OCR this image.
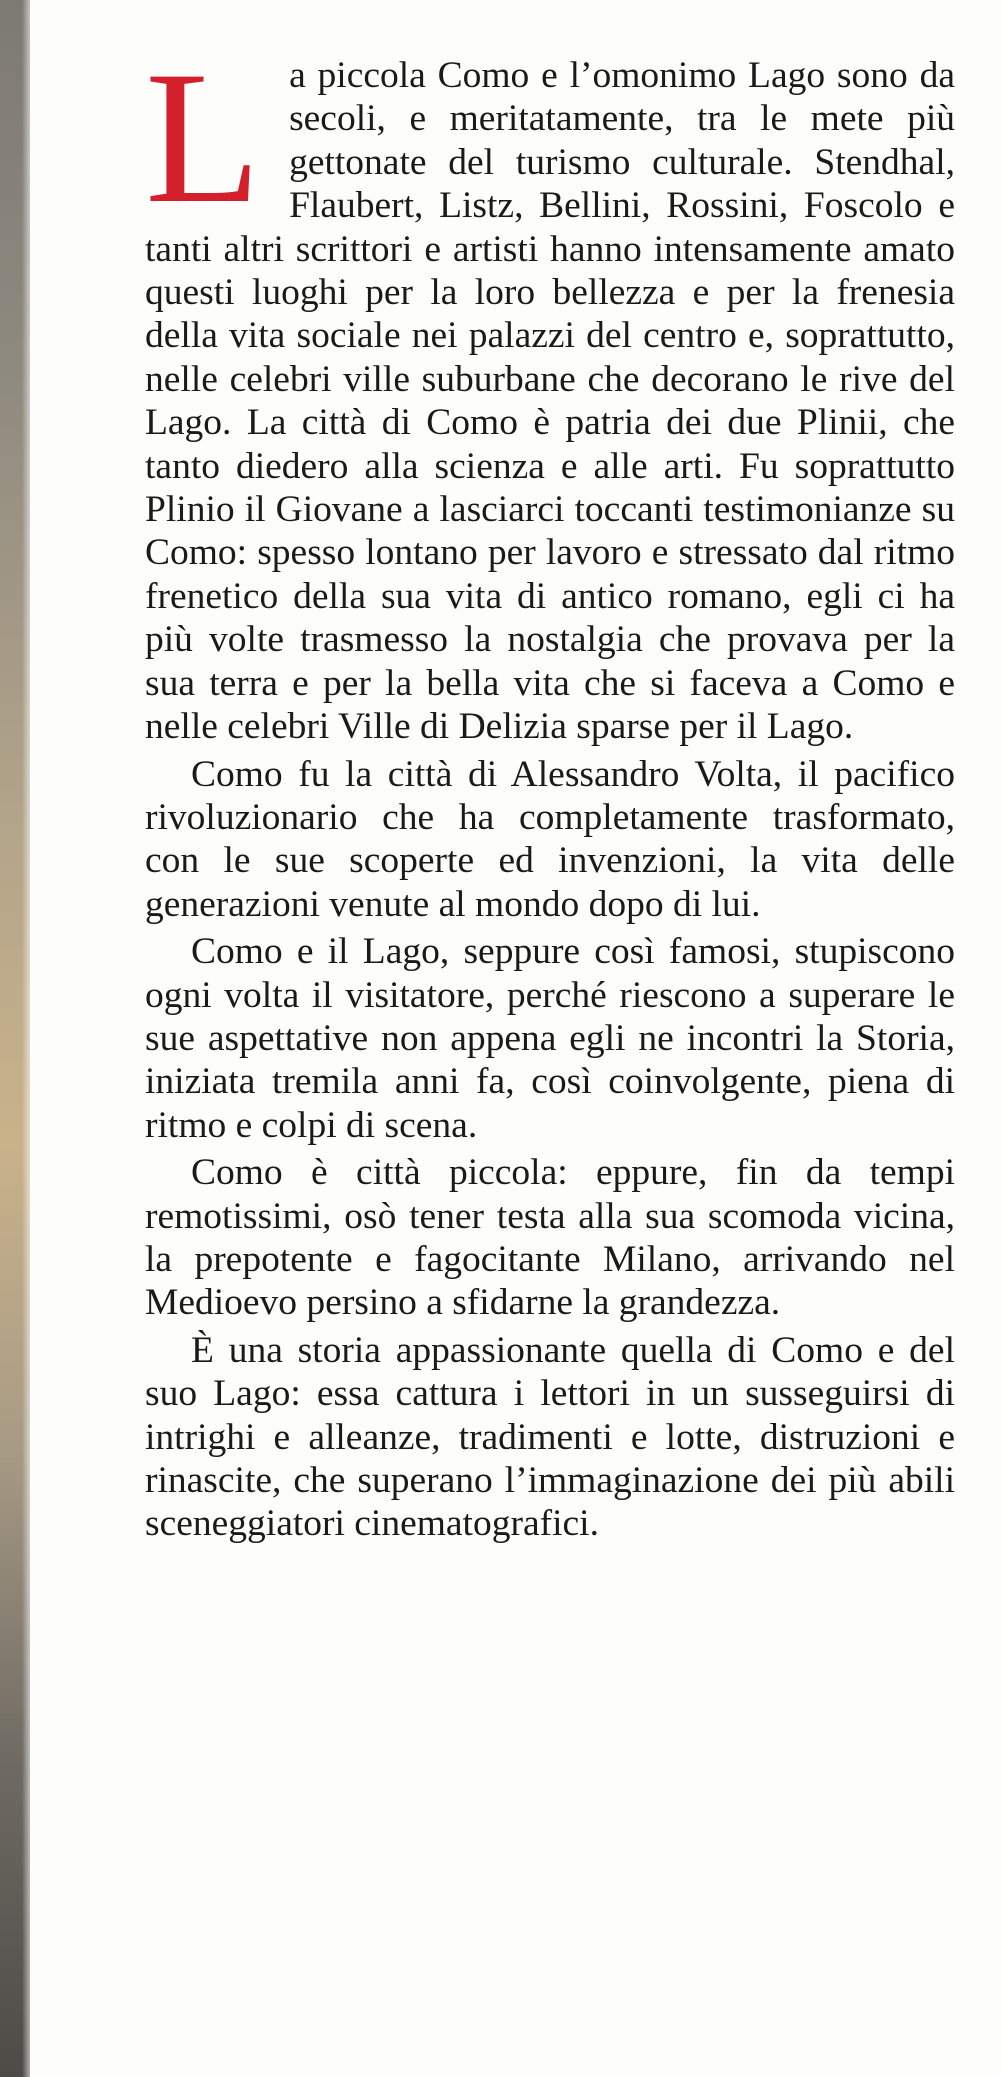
La piccola Como e l’omonimo Lago sono da secoli, e meritatamente, tra le mete più gettonate del turismo culturale. Stendhal, Flaubert, Listz, Bellini, Rossini, Foscolo e tanti altri scrittori e artisti hanno intensamente amato questi luoghi per la loro bellezza e per la frenesia della vita sociale nei palazzi del centro e, soprattutto, nelle celebri ville suburbane che decorano le rive del Lago. La città di Como è patria dei due Plinii, che tanto diedero alla scienza e alle arti. Fu soprattutto Plinio il Giovane a lasciarci toccanti testimonianze su Como: spesso lontano per lavoro e stressato dal ritmo frenetico della sua vita di antico romano, egli ci ha più volte trasmesso la nostalgia che provava per la sua terra e per la bella vita che si faceva a Como e nelle celebri Ville di Delizia sparse per il Lago.

Como fu la città di Alessandro Volta, il pacifico rivoluzionario che ha completamente trasformato, con le sue scoperte ed invenzioni, la vita delle generazioni venute al mondo dopo di lui.

Como e il Lago, seppure così famosi, stupiscono ogni volta il visitatore, perché riescono a superare le sue aspettative non appena egli ne incontri la Storia, iniziata tremila anni fa, così coinvolgente, piena di ritmo e colpi di scena.

Como è città piccola: eppure, fin da tempi remotissimi, osò tener testa alla sua scomoda vicina, la prepotente e fagocitante Milano, arrivando nel Medioevo persino a sfidarne la grandezza.

È una storia appassionante quella di Como e del suo Lago: essa cattura i lettori in un susseguirsi di intrighi e alleanze, tradimenti e lotte, distruzioni e rinascite, che superano l’immaginazione dei più abili sceneggiatori cinematografici.
